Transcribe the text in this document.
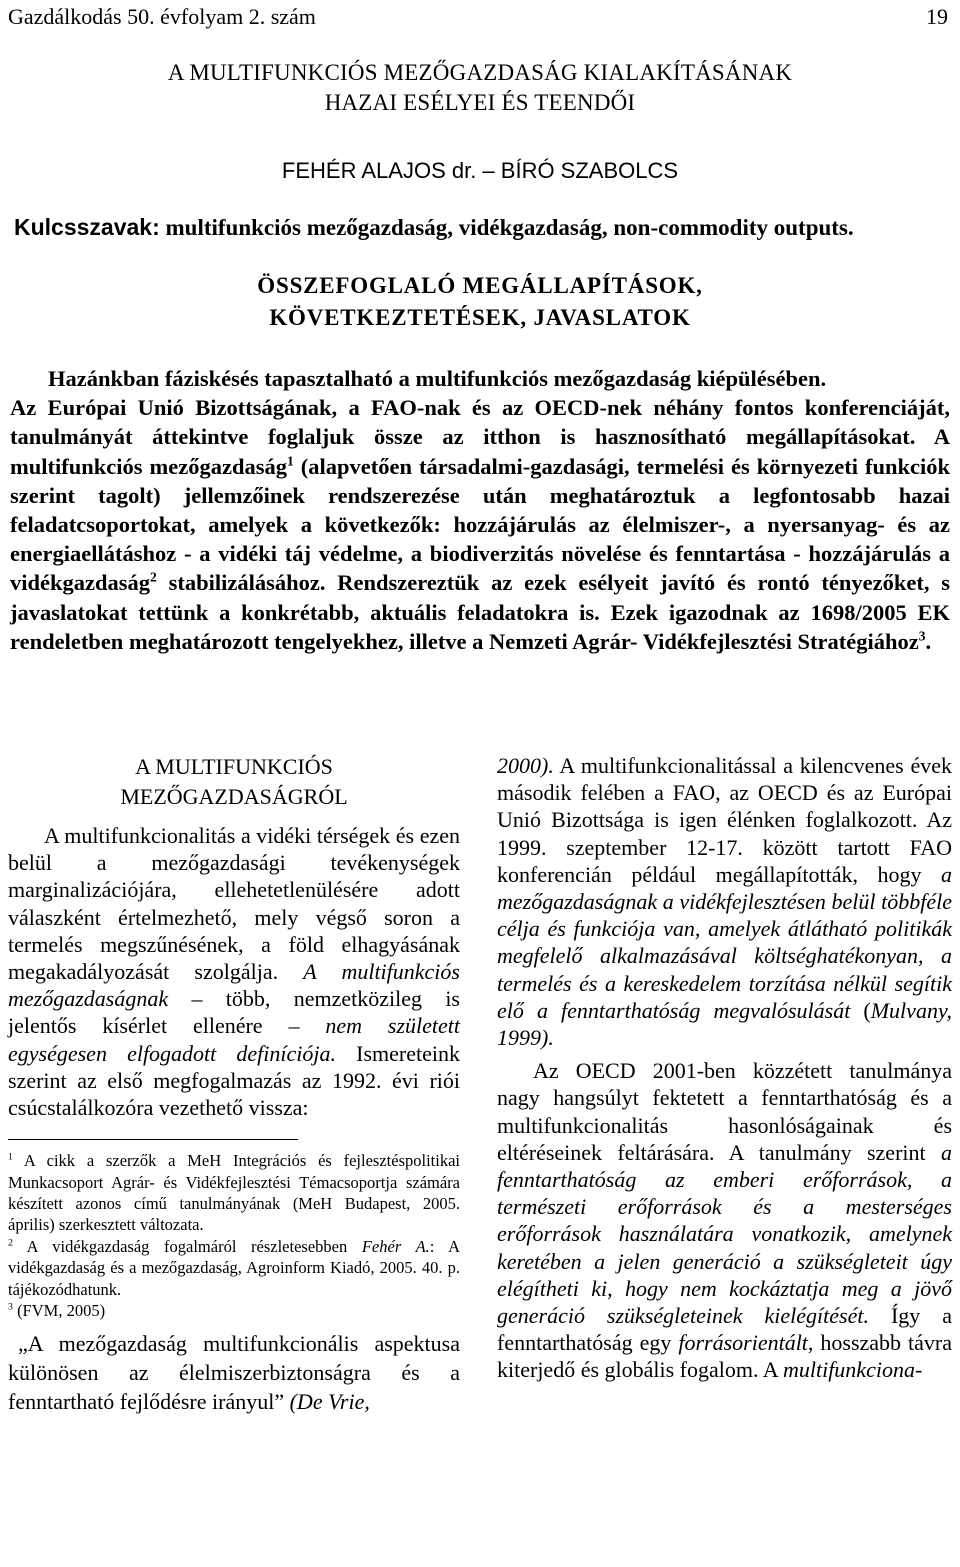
Gazdálkodás 50. évfolyam 2. szám	19
A MULTIFUNKCIÓS MEZŐGAZDASÁG KIALAKÍTÁSÁNAK
HAZAI ESÉLYEI ÉS TEENDŐI
FEHÉR ALAJOS dr. – BÍRÓ SZABOLCS
Kulcsszavak: multifunkciós mezőgazdaság, vidékgazdaság, non-commodity outputs.
ÖSSZEFOGLALÓ MEGÁLLAPÍTÁSOK,
KÖVETKEZTETÉSEK, JAVASLATOK
Hazánkban fáziskésés tapasztalható a multifunkciós mezőgazdaság kiépülésében.
Az Európai Unió Bizottságának, a FAO-nak és az OECD-nek néhány fontos konferenciáját, tanulmányát áttekintve foglaljuk össze az itthon is hasznosítható megállapításokat. A multifunkciós mezőgazdaság$^1$ (alapvetően társadalmi-gazdasági, termelési és környezeti funkciók szerint tagolt) jellemzőinek rendszerezése után meghatároztuk a legfontosabb hazai feladatcsoportokat, amelyek a következők: hozzájárulás az élelmiszer-, a nyersanyag- és az energiaellátáshoz - a vidéki táj védelme, a biodiverzitás növelése és fenntartása - hozzájárulás a vidékgazdaság$^2$ stabilizálásához. Rendszereztük az ezek esélyeit javító és rontó tényezőket, s javaslatokat tettünk a konkrétabb, aktuális feladatokra is. Ezek igazodnak az 1698/2005 EK rendeletben meghatározott tengelyekhez, illetve a Nemzeti Agrár- Vidékfejlesztési Stratégiához$^3$.
A MULTIFUNKCIÓS
MEZŐGAZDASÁGRÓL

A multifunkcionalitás a vidéki térségek és ezen belül a mezőgazdasági tevékenységek marginalizációjára, ellehetetlenülésére adott válaszként értelmezhető, mely végső soron a termelés megszűnésének, a föld elhagyásának megakadályozását szolgálja. A multifunkciós mezőgazdaságnak – több, nemzetközileg is jelentős kísérlet ellenére – nem született egységesen elfogadott definíciója. Ismereteink szerint az első megfogalmazás az 1992. évi riói csúcstalálkozóra vezethető vissza:

$^1$ A cikk a szerzők a MeH Integrációs és fejlesztéspolitikai Munkacsoport Agrár- és Vidékfejlesztési Témacsoportja számára készített azonos című tanulmányának (MeH Budapest, 2005. április) szerkesztett változata.

$^2$ A vidékgazdaság fogalmáról részletesebben Fehér A.: A vidékgazdaság és a mezőgazdaság, Agroinform Kiadó, 2005. 40. p. tájékozódhatunk.

$^3$ (FVM, 2005)

„A mezőgazdaság multifunkcionális aspektusa különösen az élelmiszerbiztonságra és a fenntartható fejlődésre irányul” (De Vrie,

2000). A multifunkcionalitással a kilencvenes évek második felében a FAO, az OECD és az Európai Unió Bizottsága is igen élénken foglalkozott. Az 1999. szeptember 12-17. között tartott FAO konferencián például megállapították, hogy a mezőgazdaságnak a vidékfejlesztésen belül többféle célja és funkciója van, amelyek átlátható politikák megfelelő alkalmazásával költséghatékonyan, a termelés és a kereskedelem torzítása nélkül segítik elő a fenntarthatóság megvalósulását (Mulvany, 1999).

Az OECD 2001-ben közzétett tanulmánya nagy hangsúlyt fektetett a fenntarthatóság és a multifunkcionalitás hasonlóságainak és eltéréseinek feltárására. A tanulmány szerint a fenntarthatóság az emberi erőforrások, a természeti erőforrások és a mesterséges erőforrások használatára vonatkozik, amelynek keretében a jelen generáció a szükségleteit úgy elégítheti ki, hogy nem kockáztatja meg a jövő generáció szükségleteinek kielégítését. Így a fenntarthatóság egy forrásorientált, hosszabb távra kiterjedő és globális fogalom. A multifunkciona-
